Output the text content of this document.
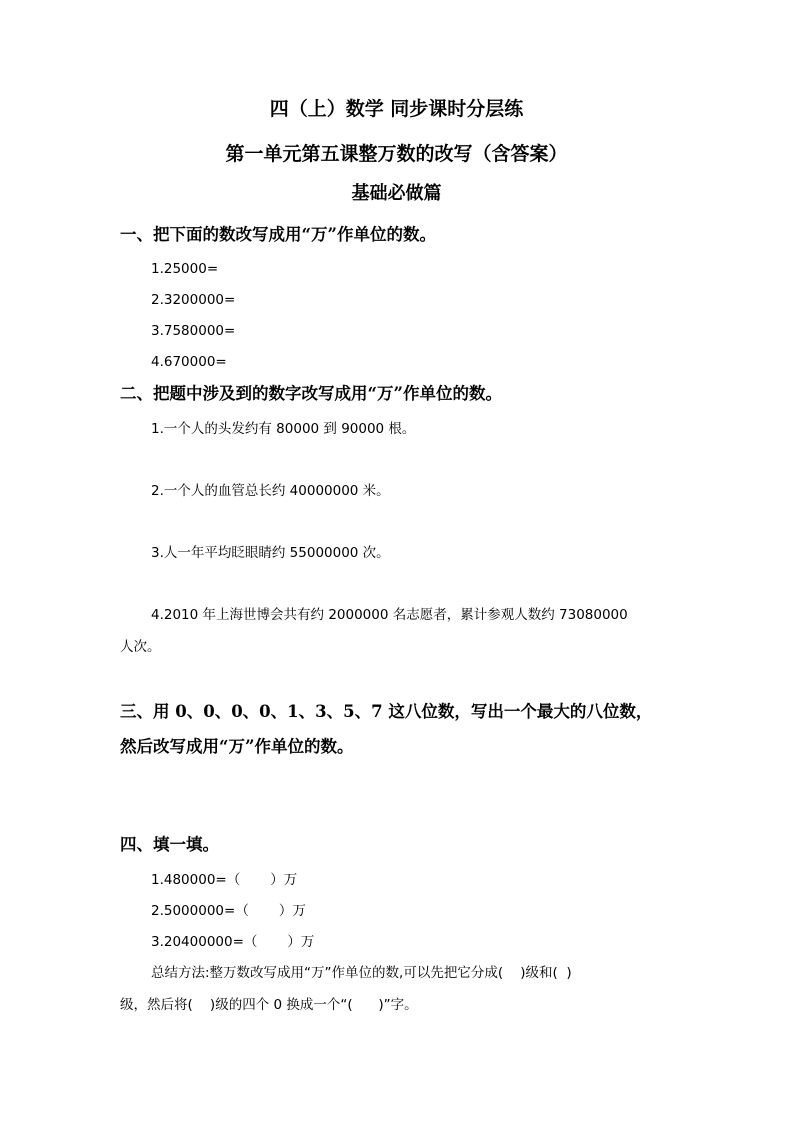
四（上）数学 同步课时分层练
第一单元第五课整万数的改写（含答案）
基础必做篇
一、把下面的数改写成用“万”作单位的数。
1.25000=
2.3200000=
3.7580000=
4.670000=
二、把题中涉及到的数字改写成用“万”作单位的数。
1.一个人的头发约有 80000 到 90000 根。
2.一个人的血管总长约 40000000 米。
3.人一年平均眨眼睛约 55000000 次。
4.2010 年上海世博会共有约 2000000 名志愿者，累计参观人数约 73080000
人次。
三、用 0、0、0、0、1、3、5、7 这八位数，写出一个最大的八位数，
然后改写成用“万”作单位的数。
四、填一填。
1.480000=（ ）万
2.5000000=（ ）万
3.20400000=（ ）万
总结方法:整万数改写成用“万”作单位的数,可以先把它分成(    )级和(  )
级，然后将(    )级的四个 0 换成一个“(      )”字。
